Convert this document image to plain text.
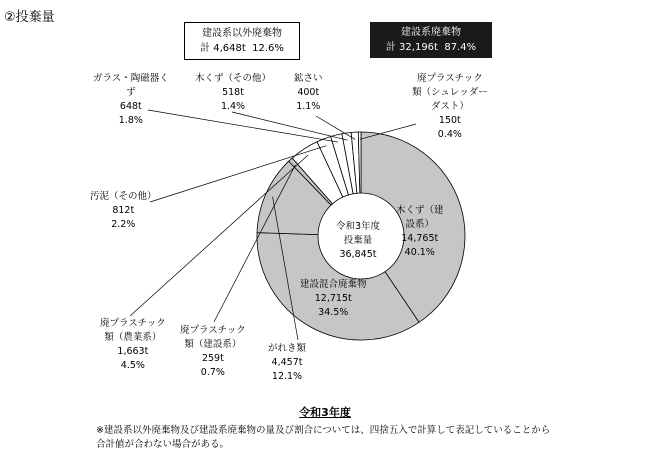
②投棄量
建設系以外廃棄物
計 4,648t 12.6%
建設系廃棄物
計 32,196t 87.4%
木くず（建
設系）
14,765t
40.1%
建設混合廃棄物
12,715t
34.5%
がれき類
4,457t
12.1%
廃プラスチック
類（建設系）
259t
0.7%
廃プラスチック
類（農業系）
1,663t
4.5%
汚泥（その他）
812t
2.2%
ガラス・陶磁器く
ず
648t
1.8%
木くず（その他）
518t
1.4%
鉱さい
400t
1.1%
廃プラスチック
類（シュレッダー
ダスト）
150t
0.4%
令和3年度
投棄量
36,845t
令和3年度
※建設系以外廃棄物及び建設系廃棄物の量及び割合については、四捨五入で計算して表記していることから
合計値が合わない場合がある。
